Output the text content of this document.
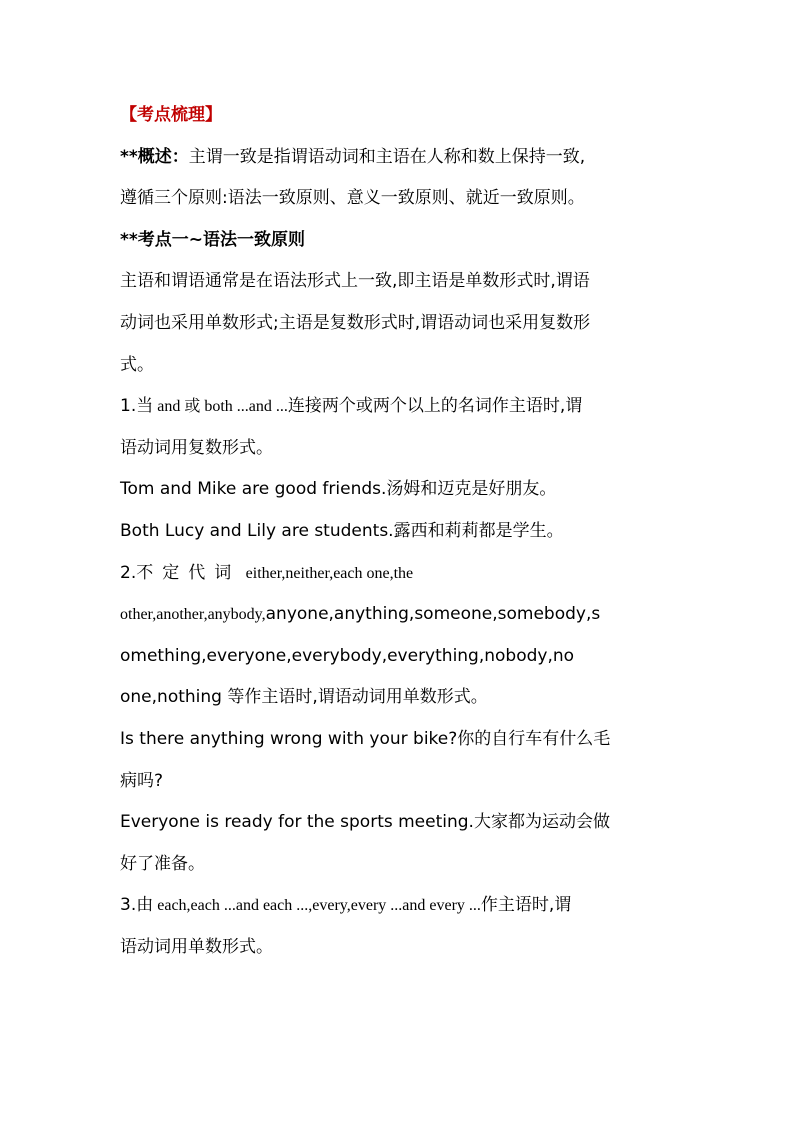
【考点梳理】
**概述：主谓一致是指谓语动词和主语在人称和数上保持一致,
遵循三个原则:语法一致原则、意义一致原则、就近一致原则。
**考点一~语法一致原则
主语和谓语通常是在语法形式上一致,即主语是单数形式时,谓语
动词也采用单数形式;主语是复数形式时,谓语动词也采用复数形
式。
1.当 and 或 both ...and ...连接两个或两个以上的名词作主语时,谓
语动词用复数形式。
Tom and Mike are good friends.汤姆和迈克是好朋友。
Both Lucy and Lily are students.露西和莉莉都是学生。
2.不定代词 either,neither,each one,the
other,another,anybody,anyone,anything,someone,somebody,s
omething,everyone,everybody,everything,nobody,no
one,nothing 等作主语时,谓语动词用单数形式。
Is there anything wrong with your bike?你的自行车有什么毛
病吗?
Everyone is ready for the sports meeting.大家都为运动会做
好了准备。
3.由 each,each ...and each ...,every,every ...and every ...作主语时,谓
语动词用单数形式。
